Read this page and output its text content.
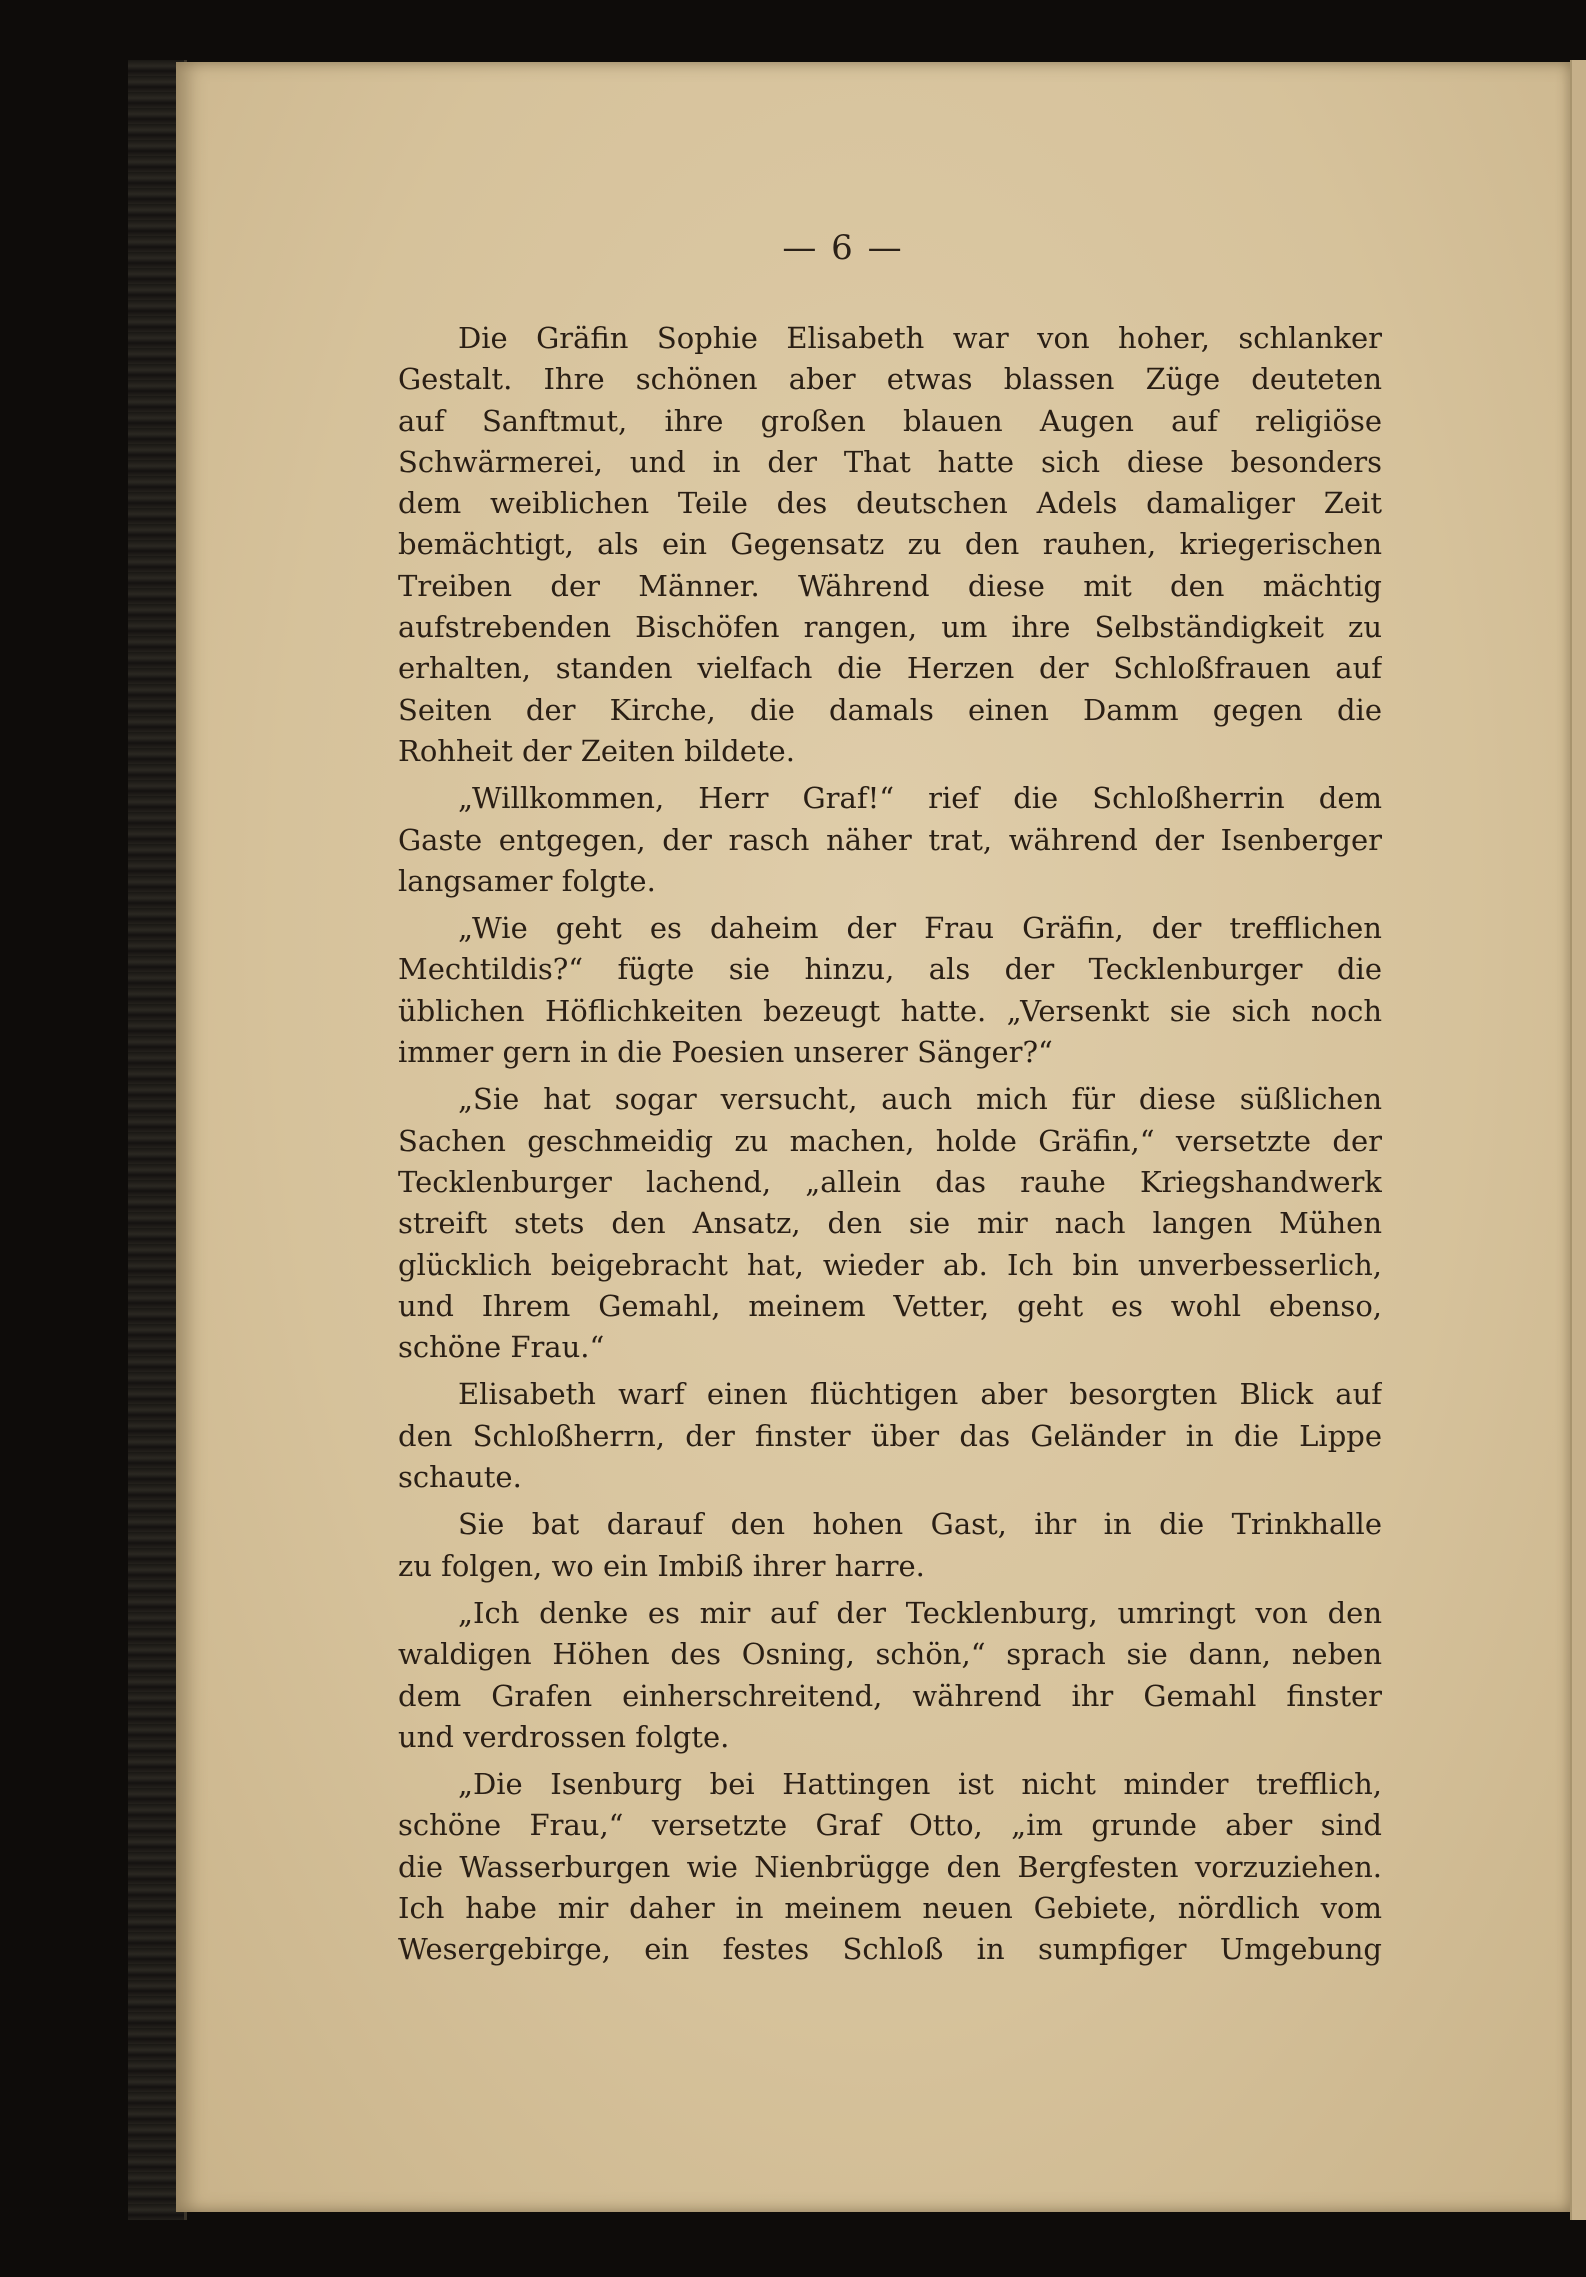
— 6 —
Die Gräfin Sophie Elisabeth war von hoher, schlanker
Gestalt. Ihre schönen aber etwas blassen Züge deuteten
auf Sanftmut, ihre großen blauen Augen auf religiöse
Schwärmerei, und in der That hatte sich diese besonders
dem weiblichen Teile des deutschen Adels damaliger Zeit
bemächtigt, als ein Gegensatz zu den rauhen, kriegerischen
Treiben der Männer. Während diese mit den mächtig
aufstrebenden Bischöfen rangen, um ihre Selbständigkeit zu
erhalten, standen vielfach die Herzen der Schloßfrauen auf
Seiten der Kirche, die damals einen Damm gegen die
Rohheit der Zeiten bildete.
„Willkommen, Herr Graf!“ rief die Schloßherrin dem
Gaste entgegen, der rasch näher trat, während der Isenberger
langsamer folgte.
„Wie geht es daheim der Frau Gräfin, der trefflichen
Mechtildis?“ fügte sie hinzu, als der Tecklenburger die
üblichen Höflichkeiten bezeugt hatte. „Versenkt sie sich noch
immer gern in die Poesien unserer Sänger?“
„Sie hat sogar versucht, auch mich für diese süßlichen
Sachen geschmeidig zu machen, holde Gräfin,“ versetzte der
Tecklenburger lachend, „allein das rauhe Kriegshandwerk
streift stets den Ansatz, den sie mir nach langen Mühen
glücklich beigebracht hat, wieder ab. Ich bin unverbesserlich,
und Ihrem Gemahl, meinem Vetter, geht es wohl ebenso,
schöne Frau.“
Elisabeth warf einen flüchtigen aber besorgten Blick auf
den Schloßherrn, der finster über das Geländer in die Lippe
schaute.
Sie bat darauf den hohen Gast, ihr in die Trinkhalle
zu folgen, wo ein Imbiß ihrer harre.
„Ich denke es mir auf der Tecklenburg, umringt von den
waldigen Höhen des Osning, schön,“ sprach sie dann, neben
dem Grafen einherschreitend, während ihr Gemahl finster
und verdrossen folgte.
„Die Isenburg bei Hattingen ist nicht minder trefflich,
schöne Frau,“ versetzte Graf Otto, „im grunde aber sind
die Wasserburgen wie Nienbrügge den Bergfesten vorzuziehen.
Ich habe mir daher in meinem neuen Gebiete, nördlich vom
Wesergebirge, ein festes Schloß in sumpfiger Umgebung
